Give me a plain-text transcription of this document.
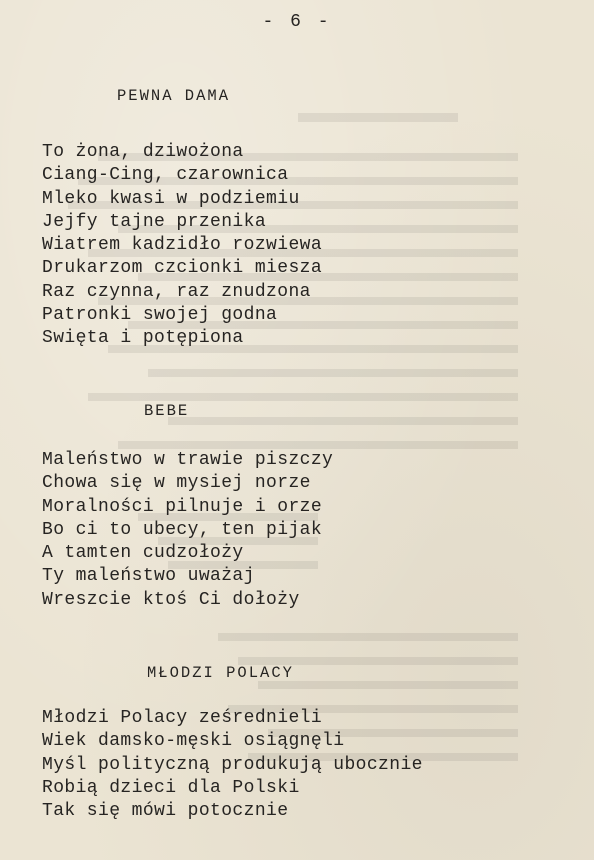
- 6 -
PEWNA DAMA
To żona, dziwożona
Ciang-Cing, czarownica
Mleko kwasi w podziemiu
Jejfy tajne przenika
Wiatrem kadzidło rozwiewa
Drukarzom czcionki miesza
Raz czynna, raz znudzona
Patronki swojej godna
Swięta i potępiona
BEBE
Maleństwo w trawie piszczy
Chowa się w mysiej norze
Moralności pilnuje i orze
Bo ci to ubecy, ten pijak
A tamten cudzołoży
Ty maleństwo uważaj
Wreszcie ktoś Ci dołoży
MŁODZI POLACY
Młodzi Polacy ześrednieli
Wiek damsko-męski osiągnęli
Myśl polityczną produkują ubocznie
Robią dzieci dla Polski
Tak się mówi potocznie
